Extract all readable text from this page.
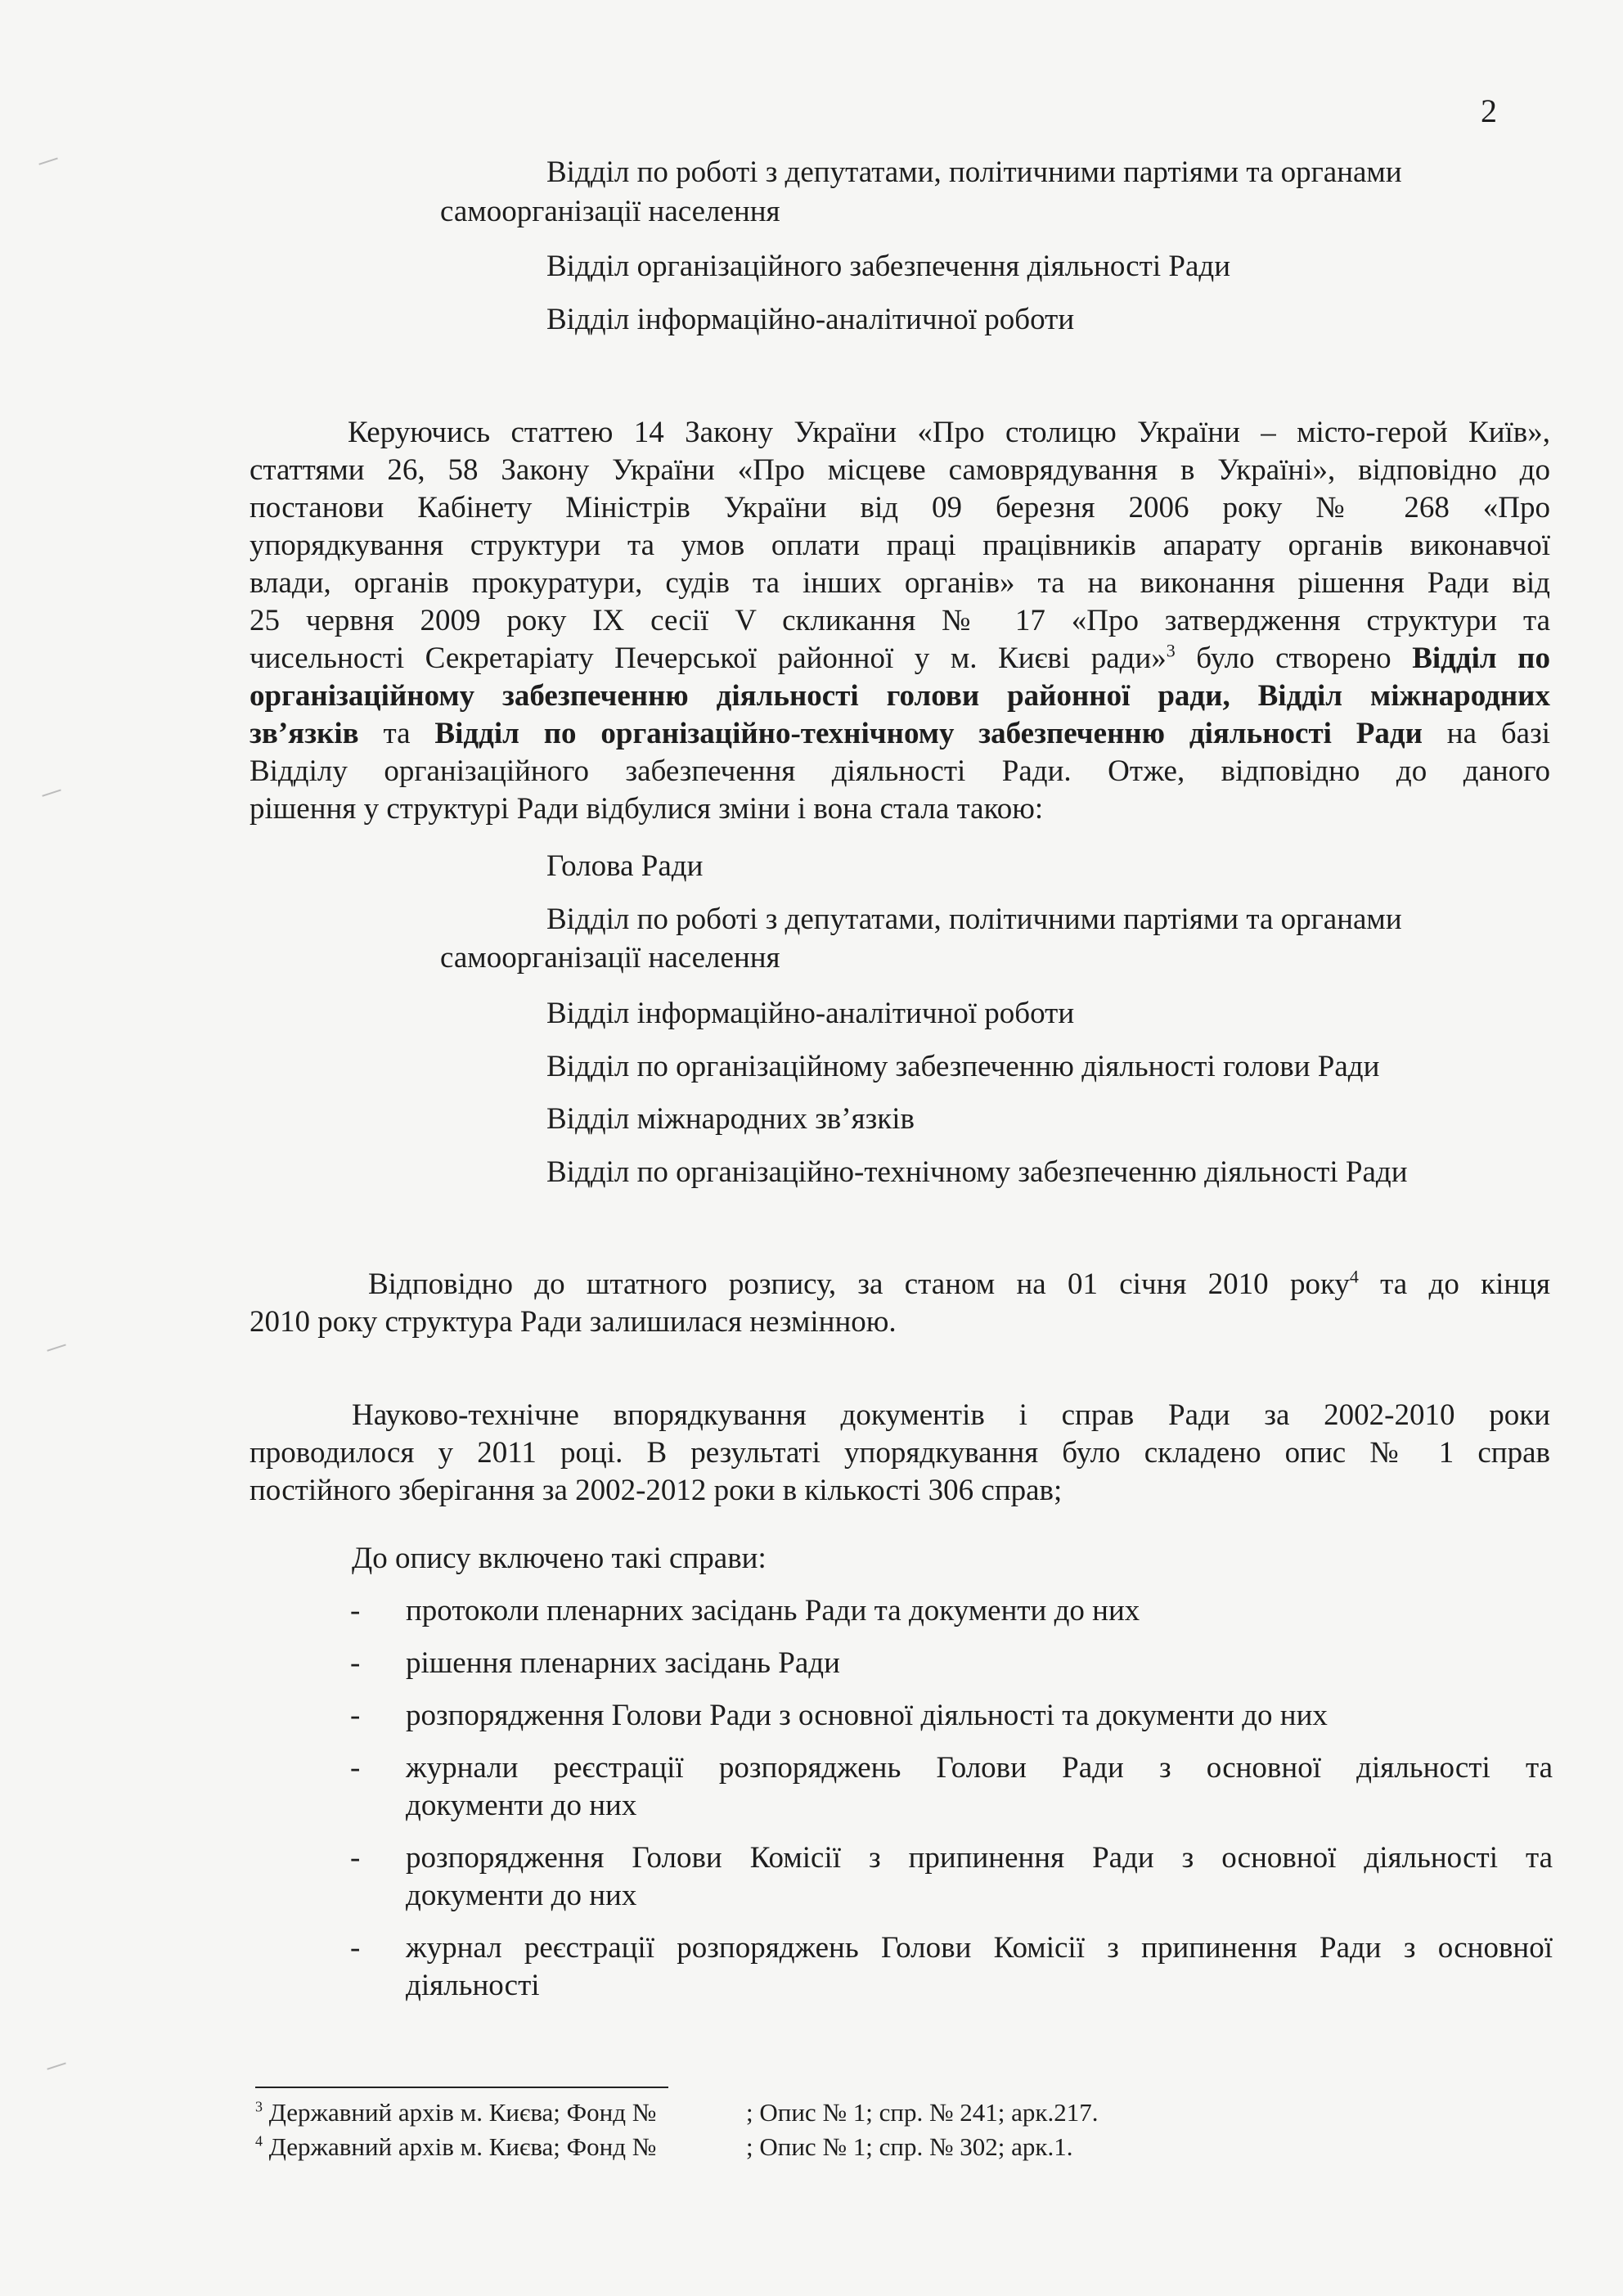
2
Відділ по роботі з депутатами, політичними партіями та органами
самоорганізації населення
Відділ організаційного забезпечення діяльності Ради
Відділ інформаційно-аналітичної роботи
Керуючись статтею 14 Закону України «Про столицю України – місто-герой Київ»,
статтями 26, 58 Закону України «Про місцеве самоврядування в Україні», відповідно до
постанови Кабінету Міністрів України від 09 березня 2006 року № 268 «Про
упорядкування структури та умов оплати праці працівників апарату органів виконавчої
влади, органів прокуратури, судів та інших органів» та на виконання рішення Ради від
25 червня 2009 року IX сесії V скликання № 17 «Про затвердження структури та
чисельності Секретаріату Печерської районної у м. Києві ради»$^3$ було створено Відділ по
організаційному забезпеченню діяльності голови районної ради, Відділ міжнародних
зв’язків та Відділ по організаційно-технічному забезпеченню діяльності Ради на базі
Відділу організаційного забезпечення діяльності Ради. Отже, відповідно до даного
рішення у структурі Ради відбулися зміни і вона стала такою:
Голова Ради
Відділ по роботі з депутатами, політичними партіями та органами
самоорганізації населення
Відділ інформаційно-аналітичної роботи
Відділ по організаційному забезпеченню діяльності голови Ради
Відділ міжнародних зв’язків
Відділ по організаційно-технічному забезпеченню діяльності Ради
Відповідно до штатного розпису, за станом на 01 січня 2010 року$^4$ та до кінця
2010 року структура Ради залишилася незмінною.
Науково-технічне впорядкування документів і справ Ради за 2002-2010 роки
проводилося у 2011 році. В результаті упорядкування було складено опис № 1 справ
постійного зберігання за 2002-2012 роки в кількості 306 справ;
До опису включено такі справи:
- протоколи пленарних засідань Ради та документи до них
- рішення пленарних засідань Ради
- розпорядження Голови Ради з основної діяльності та документи до них
- журнали реєстрації розпоряджень Голови Ради з основної діяльності та
документи до них
- розпорядження Голови Комісії з припинення Ради з основної діяльності та
документи до них
- журнал реєстрації розпоряджень Голови Комісії з припинення Ради з основної
діяльності
$^3$ Державний архів м. Києва; Фонд №	; Опис № 1; спр. № 241; арк.217.
$^4$ Державний архів м. Києва; Фонд №	; Опис № 1; спр. № 302; арк.1.
